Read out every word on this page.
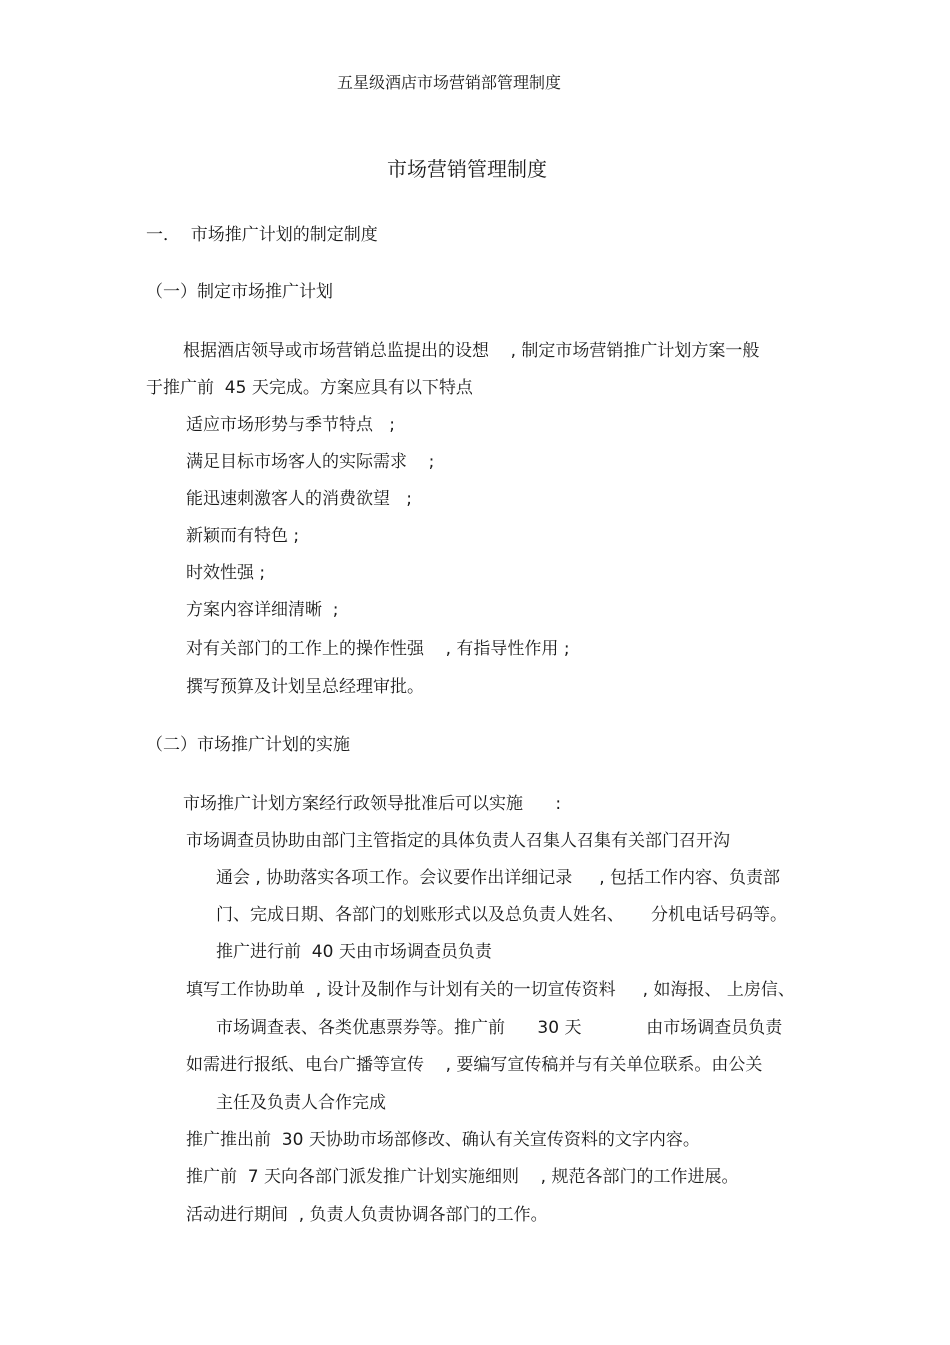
五星级酒店市场营销部管理制度
市场营销管理制度
一．  市场推广计划的制定制度
（一）制定市场推广计划
根据酒店领导或市场营销总监提出的设想    , 制定市场营销推广计划方案一般
于推广前  45 天完成。方案应具有以下特点
适应市场形势与季节特点   ;
满足目标市场客人的实际需求    ;
能迅速刺激客人的消费欲望   ;
新颖而有特色 ;
时效性强 ;
方案内容详细清晰  ;
对有关部门的工作上的操作性强    , 有指导性作用 ;
撰写预算及计划呈总经理审批。
（二）市场推广计划的实施
市场推广计划方案经行政领导批准后可以实施      :
市场调查员协助由部门主管指定的具体负责人召集人召集有关部门召开沟
通会 , 协助落实各项工作。会议要作出详细记录     , 包括工作内容、负责部
门、完成日期、各部门的划账形式以及总负责人姓名、     分机电话号码等。
推广进行前  40 天由市场调查员负责
填写工作协助单  , 设计及制作与计划有关的一切宣传资料     , 如海报、 上房信、
市场调查表、各类优惠票券等。推广前      30 天            由市场调查员负责
如需进行报纸、电台广播等宣传    , 要编写宣传稿并与有关单位联系。由公关
主任及负责人合作完成
推广推出前  30 天协助市场部修改、确认有关宣传资料的文字内容。
推广前  7 天向各部门派发推广计划实施细则    , 规范各部门的工作进展。
活动进行期间  , 负责人负责协调各部门的工作。
